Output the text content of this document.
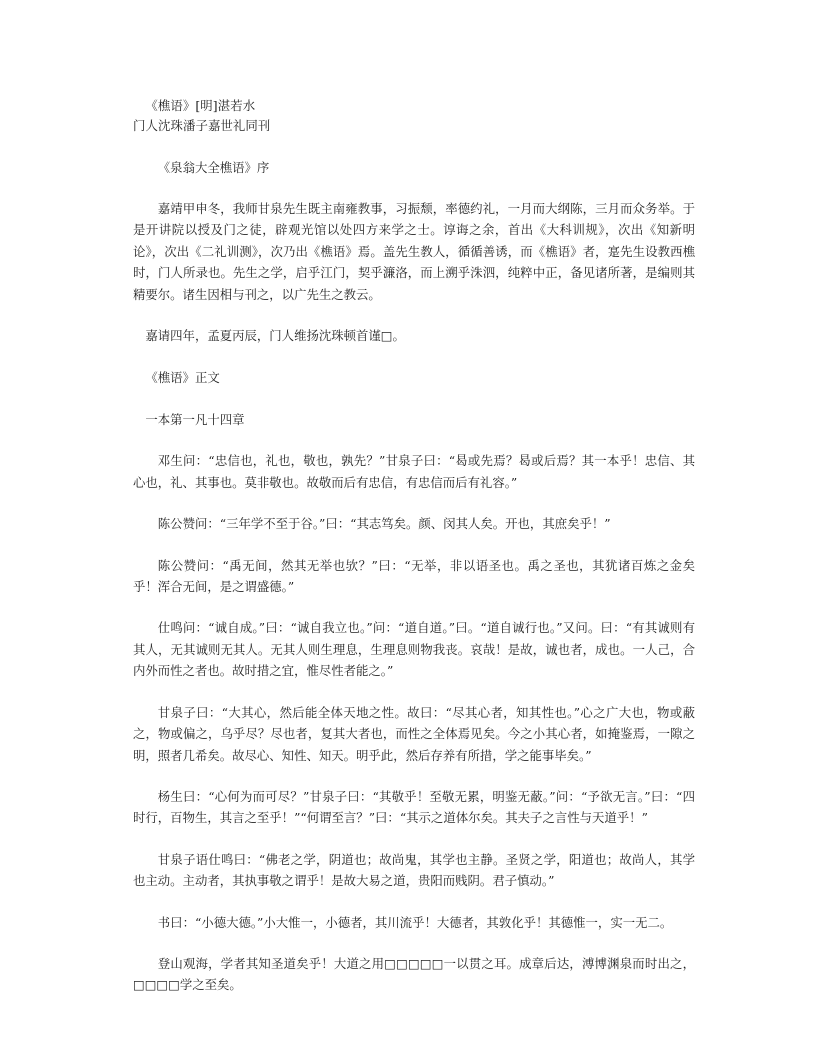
《樵语》[明]湛若水
门人沈珠潘子嘉世礼同刊
《泉翁大全樵语》序
嘉靖甲申冬，我师甘泉先生既主南雍教事，习振颓，率德约礼，一月而大纲陈，三月而众务举。于是开讲院以授及门之徒，辟观光馆以处四方来学之士。谆诲之余，首出《大科训规》，次出《知新明论》，次出《二礼训测》，次乃出《樵语》焉。盖先生教人，循循善诱，而《樵语》者，寔先生设教西樵时，门人所录也。先生之学，启乎江门，契乎濂洛，而上溯乎洙泗，纯粹中正，备见诸所著，是编则其精要尔。诸生因相与刊之，以广先生之教云。
嘉请四年，孟夏丙辰，门人维扬沈珠顿首谨□。
《樵语》正文
一本第一凡十四章
邓生问：“忠信也，礼也，敬也，孰先？”甘泉子曰：“曷或先焉？曷或后焉？其一本乎！忠信、其心也，礼、其事也。莫非敬也。故敬而后有忠信，有忠信而后有礼容。”
陈公赞问：“三年学不至于谷。”曰：“其志笃矣。颜、闵其人矣。开也，其庶矣乎！”
陈公赞问：“禹无间，然其无举也欤？”曰：“无举，非以语圣也。禹之圣也，其犹诸百炼之金矣乎！浑合无间，是之谓盛德。”
仕鸣问：“诚自成。”曰：“诚自我立也。”问：“道自道。”曰。“道自诚行也。”又问。曰：“有其诚则有其人，无其诚则无其人。无其人则生理息，生理息则物我丧。哀哉！是故，诚也者，成也。一人己，合内外而性之者也。故时措之宜，惟尽性者能之。”
甘泉子曰：“大其心，然后能全体天地之性。故曰：“尽其心者，知其性也。”心之广大也，物或蔽之，物或偏之，乌乎尽？尽也者，复其大者也，而性之全体焉见矣。今之小其心者，如掩鉴焉，一隙之明，照者几希矣。故尽心、知性、知天。明乎此，然后存养有所措，学之能事毕矣。”
杨生曰：“心何为而可尽？”甘泉子曰：“其敬乎！至敬无累，明鉴无蔽。”问：“予欲无言。”曰：“四时行，百物生，其言之至乎！”“何谓至言？”曰：“其示之道体尔矣。其夫子之言性与天道乎！”
甘泉子语仕鸣曰：“佛老之学，阴道也；故尚鬼，其学也主静。圣贤之学，阳道也；故尚人，其学也主动。主动者，其执事敬之谓乎！是故大易之道，贵阳而贱阴。君子慎动。”
书曰：“小德大德。”小大惟一，小德者，其川流乎！大德者，其敦化乎！其德惟一，实一无二。
登山观海，学者其知圣道矣乎！大道之用□□□□□一以贯之耳。成章后达，溥博渊泉而时出之，□□□□学之至矣。
